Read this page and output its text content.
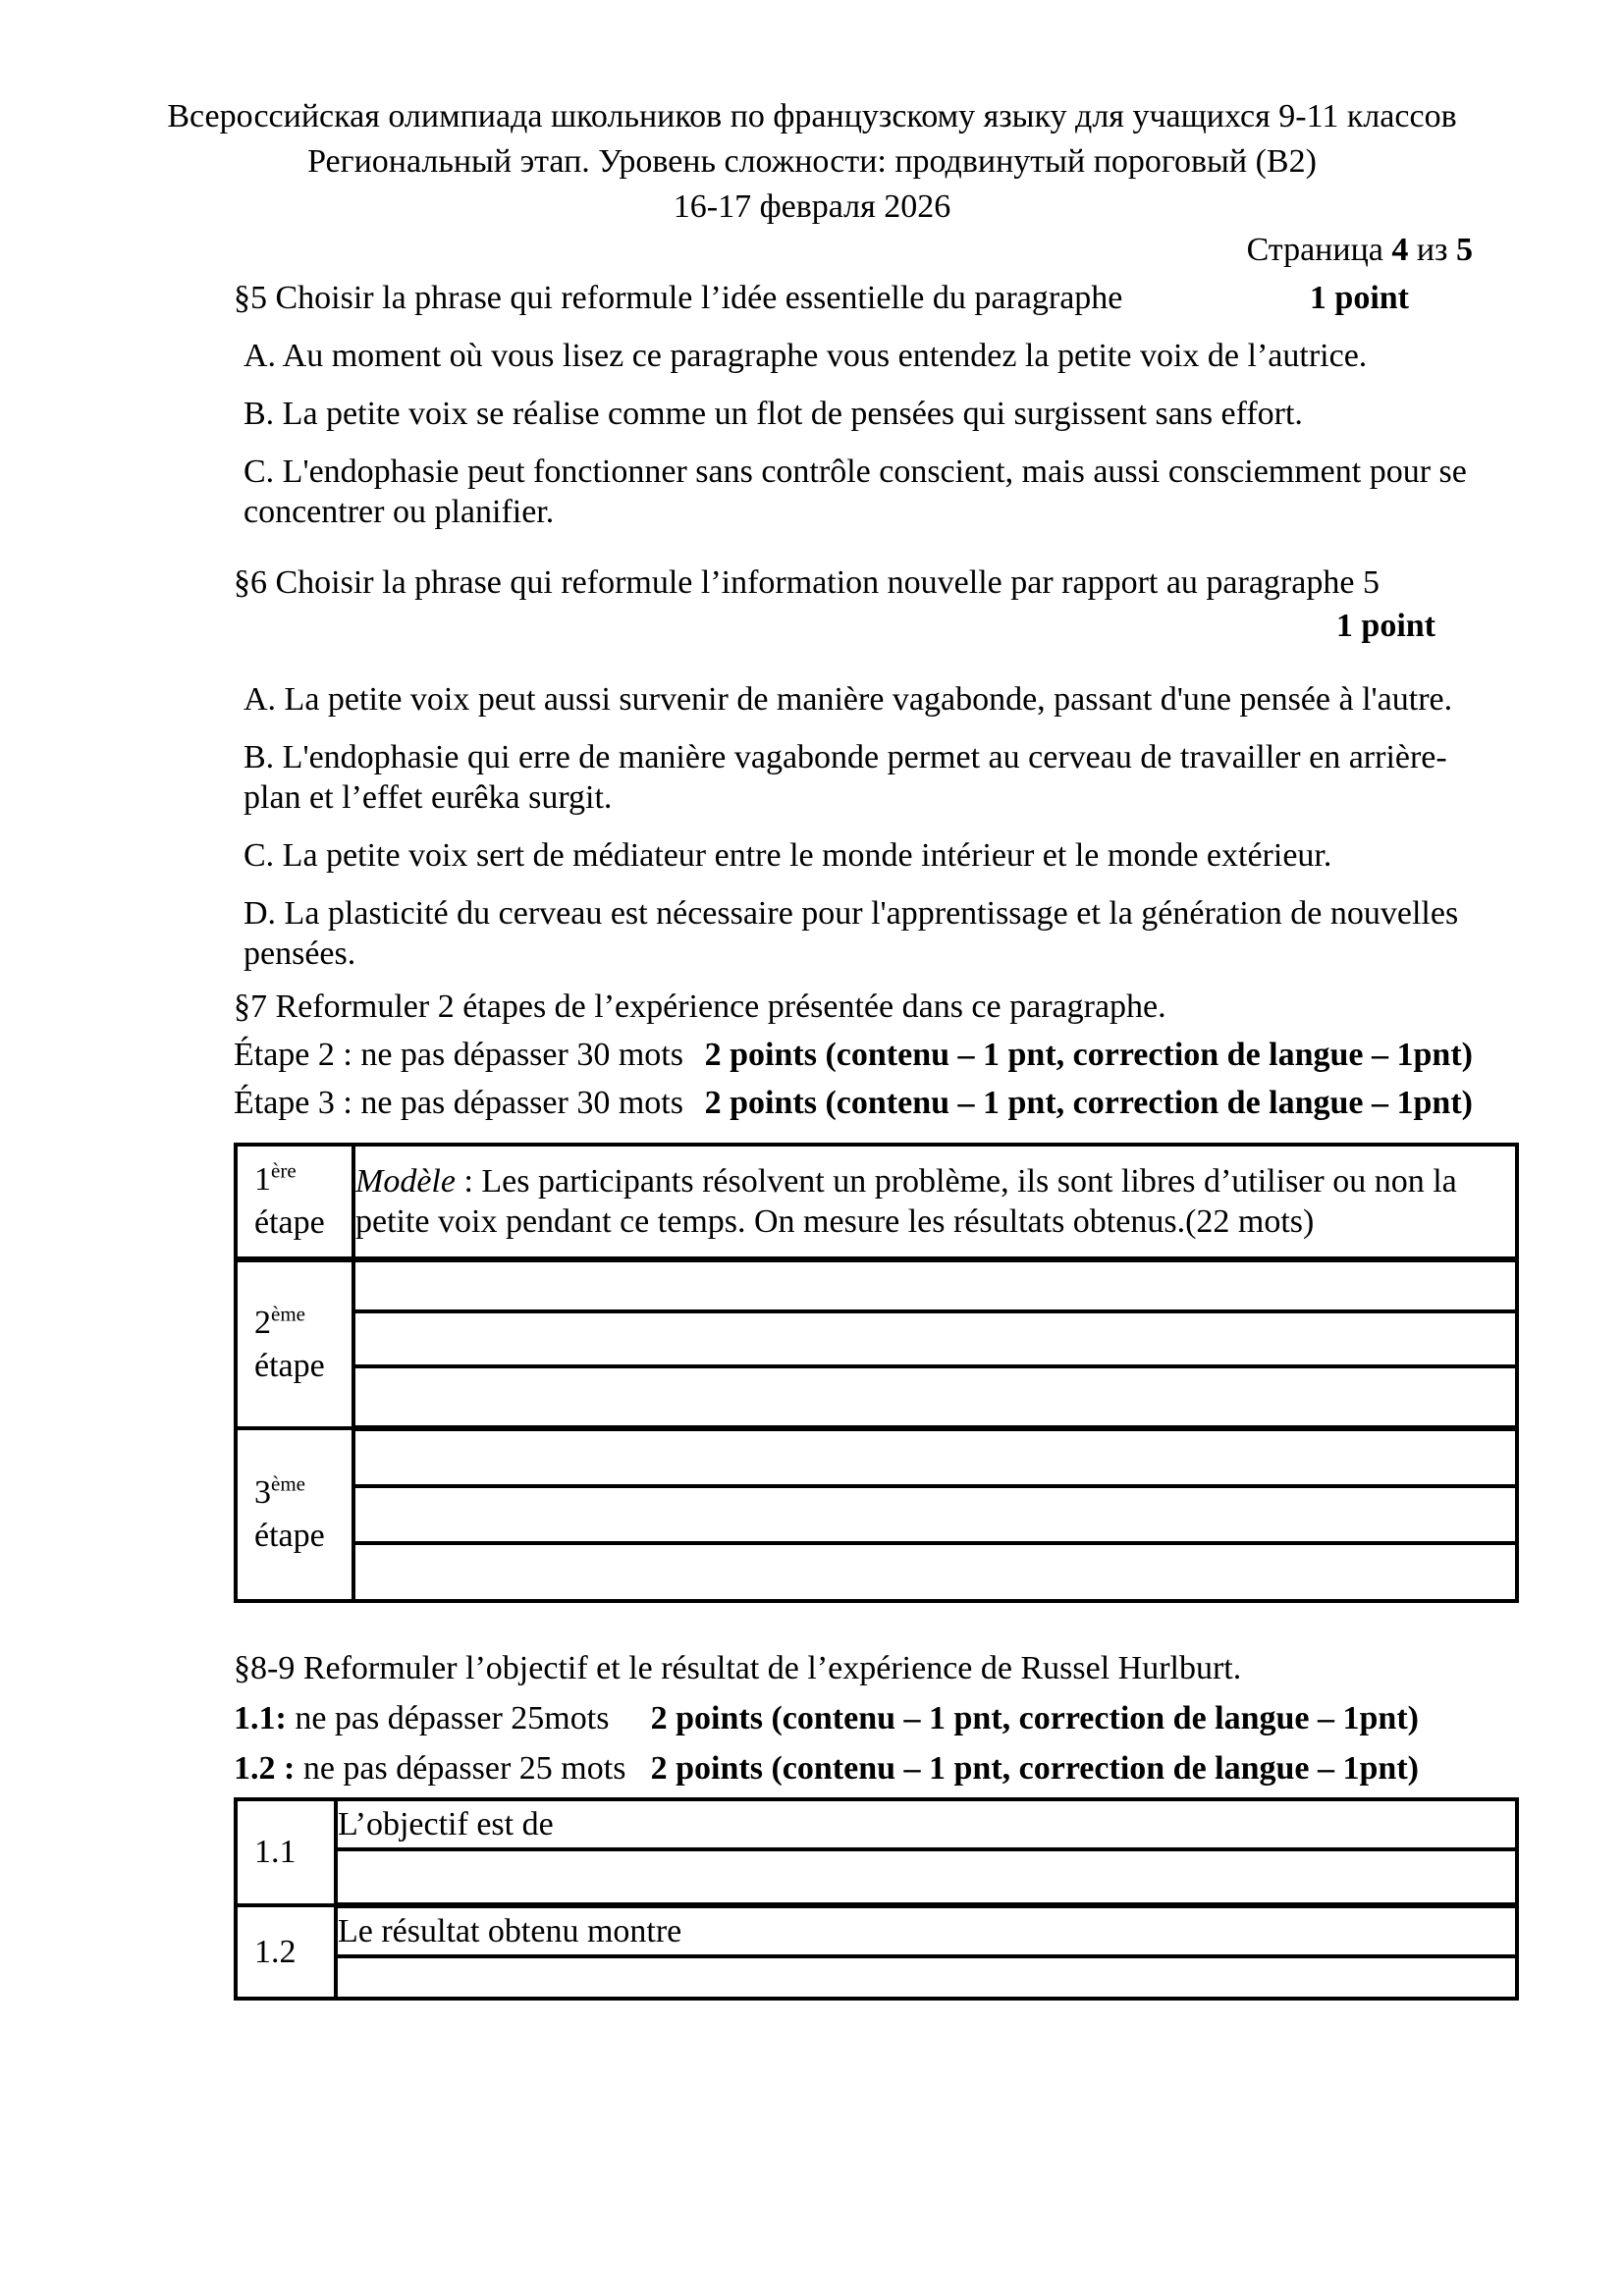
Всероссийская олимпиада школьников по французскому языку для учащихся 9-11 классов
Региональный этап. Уровень сложности: продвинутый пороговый (В2)
16-17 февраля 2026
Страница 4 из 5
§5 Choisir la phrase qui reformule l’idée essentielle du paragraphe	1 point

A. Au moment où vous lisez ce paragraphe vous entendez la petite voix de l’autrice.

B. La petite voix se réalise comme un flot de pensées qui surgissent sans effort.

C. L'endophasie peut fonctionner sans contrôle conscient, mais aussi consciemment pour se concentrer ou planifier.

§6 Choisir la phrase qui reformule l’information nouvelle par rapport au paragraphe 5
1 point

A. La petite voix peut aussi survenir de manière vagabonde, passant d'une pensée à l'autre.

B. L'endophasie qui erre de manière vagabonde permet au cerveau de travailler en arrière-plan et l’effet eurêka surgit.

C. La petite voix sert de médiateur entre le monde intérieur et le monde extérieur.

D. La plasticité du cerveau est nécessaire pour l'apprentissage et la génération de nouvelles pensées.

§7 Reformuler 2 étapes de l’expérience présentée dans ce paragraphe.
Étape 2 : ne pas dépasser 30 mots 2 points (contenu – 1 pnt, correction de langue – 1pnt)
Étape 3 : ne pas dépasser 30 mots 2 points (contenu – 1 pnt, correction de langue – 1pnt)
1ère
étape	Modèle : Les participants résolvent un problème, ils sont libres d’utiliser ou non la petite voix pendant ce temps. On mesure les résultats obtenus.(22 mots)

2ème
étape	

3ème
étape	

§8-9 Reformuler l’objectif et le résultat de l’expérience de Russel Hurlburt.
1.1: ne pas dépasser 25mots 2 points (contenu – 1 pnt, correction de langue – 1pnt)
1.2 : ne pas dépasser 25 mots 2 points (contenu – 1 pnt, correction de langue – 1pnt)
1.1	L’objectif est de

1.2	Le résultat obtenu montre
